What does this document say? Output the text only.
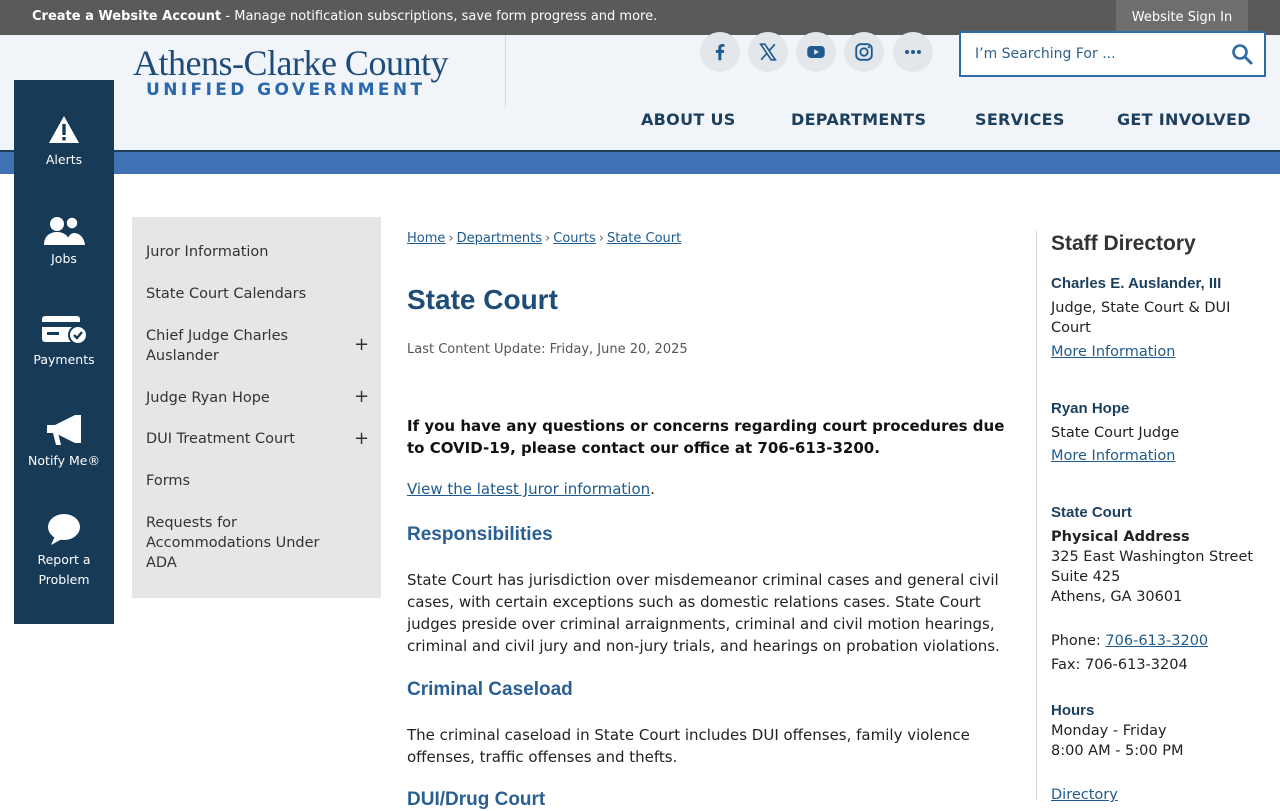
Create a Website Account - Manage notification subscriptions, save form progress and more.	Website Sign In
Athens-Clarke County
UNIFIED GOVERNMENT
I’m Searching For ...
ABOUT US	DEPARTMENTS	SERVICES	GET INVOLVED
Alerts
Jobs
Payments
Notify Me®
Report a Problem
Juror Information
State Court Calendars
Chief Judge Charles Auslander
+
Judge Ryan Hope	+
DUI Treatment Court	+
Forms
Requests for Accommodations Under ADA
Home › Departments › Courts › State Court
State Court
Last Content Update: Friday, June 20, 2025
If you have any questions or concerns regarding court procedures due to COVID-19, please contact our office at 706-613-3200.
View the latest Juror information.
Responsibilities
State Court has jurisdiction over misdemeanor criminal cases and general civil cases, with certain exceptions such as domestic relations cases. State Court judges preside over criminal arraignments, criminal and civil motion hearings, criminal and civil jury and non-jury trials, and hearings on probation violations.
Criminal Caseload
The criminal caseload in State Court includes DUI offenses, family violence offenses, traffic offenses and thefts.
DUI/Drug Court
Staff Directory
Charles E. Auslander, III
Judge, State Court & DUI
Court
More Information
Ryan Hope
State Court Judge
More Information
State Court
Physical Address
325 East Washington Street
Suite 425
Athens, GA 30601
Phone: 706-613-3200
Fax: 706-613-3204
Hours
Monday - Friday
8:00 AM - 5:00 PM
Directory
